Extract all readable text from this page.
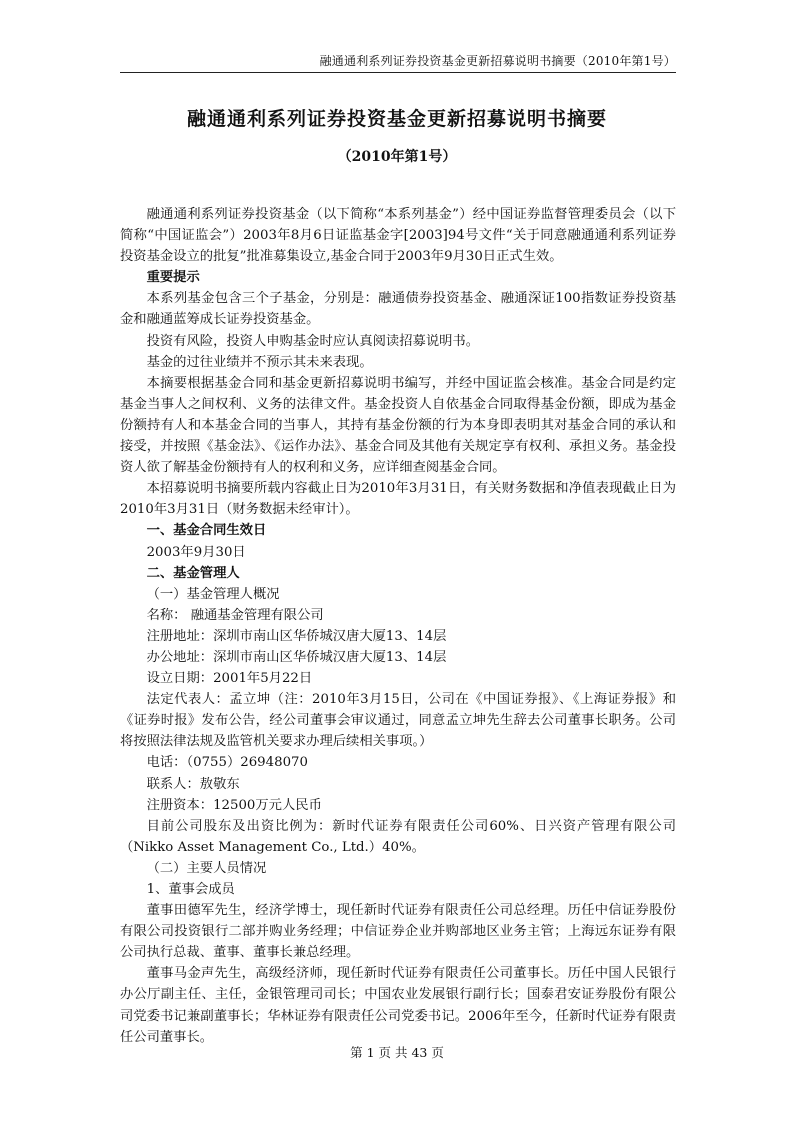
融通通利系列证券投资基金更新招募说明书摘要（2010年第1号）
融通通利系列证券投资基金更新招募说明书摘要
（2010年第1号）

融通通利系列证券投资基金（以下简称“本系列基金”）经中国证券监督管理委员会（以下简称“中国证监会”）2003年8月6日证监基金字[2003]94号文件“关于同意融通通利系列证券投资基金设立的批复”批准募集设立,基金合同于2003年9月30日正式生效。

重要提示

本系列基金包含三个子基金，分别是：融通债券投资基金、融通深证100指数证券投资基金和融通蓝筹成长证券投资基金。

投资有风险，投资人申购基金时应认真阅读招募说明书。

基金的过往业绩并不预示其未来表现。

本摘要根据基金合同和基金更新招募说明书编写，并经中国证监会核准。基金合同是约定基金当事人之间权利、义务的法律文件。基金投资人自依基金合同取得基金份额，即成为基金份额持有人和本基金合同的当事人，其持有基金份额的行为本身即表明其对基金合同的承认和接受，并按照《基金法》、《运作办法》、基金合同及其他有关规定享有权利、承担义务。基金投资人欲了解基金份额持有人的权利和义务，应详细查阅基金合同。

本招募说明书摘要所载内容截止日为2010年3月31日，有关财务数据和净值表现截止日为2010年3月31日（财务数据未经审计）。

一、基金合同生效日

2003年9月30日

二、基金管理人

（一）基金管理人概况

名称： 融通基金管理有限公司

注册地址：深圳市南山区华侨城汉唐大厦13、14层

办公地址：深圳市南山区华侨城汉唐大厦13、14层

设立日期：2001年5月22日

法定代表人：孟立坤（注：2010年3月15日，公司在《中国证券报》、《上海证券报》和《证券时报》发布公告，经公司董事会审议通过，同意孟立坤先生辞去公司董事长职务。公司将按照法律法规及监管机关要求办理后续相关事项。）

电话：（0755）26948070

联系人：敖敬东

注册资本：12500万元人民币

目前公司股东及出资比例为：新时代证券有限责任公司60%、日兴资产管理有限公司（Nikko Asset Management Co., Ltd.）40%。

（二）主要人员情况

1、董事会成员

董事田德军先生，经济学博士，现任新时代证券有限责任公司总经理。历任中信证券股份有限公司投资银行二部并购业务经理；中信证券企业并购部地区业务主管；上海远东证券有限公司执行总裁、董事、董事长兼总经理。

董事马金声先生，高级经济师，现任新时代证券有限责任公司董事长。历任中国人民银行办公厅副主任、主任，金银管理司司长；中国农业发展银行副行长；国泰君安证券股份有限公司党委书记兼副董事长；华林证券有限责任公司党委书记。2006年至今，任新时代证券有限责任公司董事长。

第 1 页 共 43 页
